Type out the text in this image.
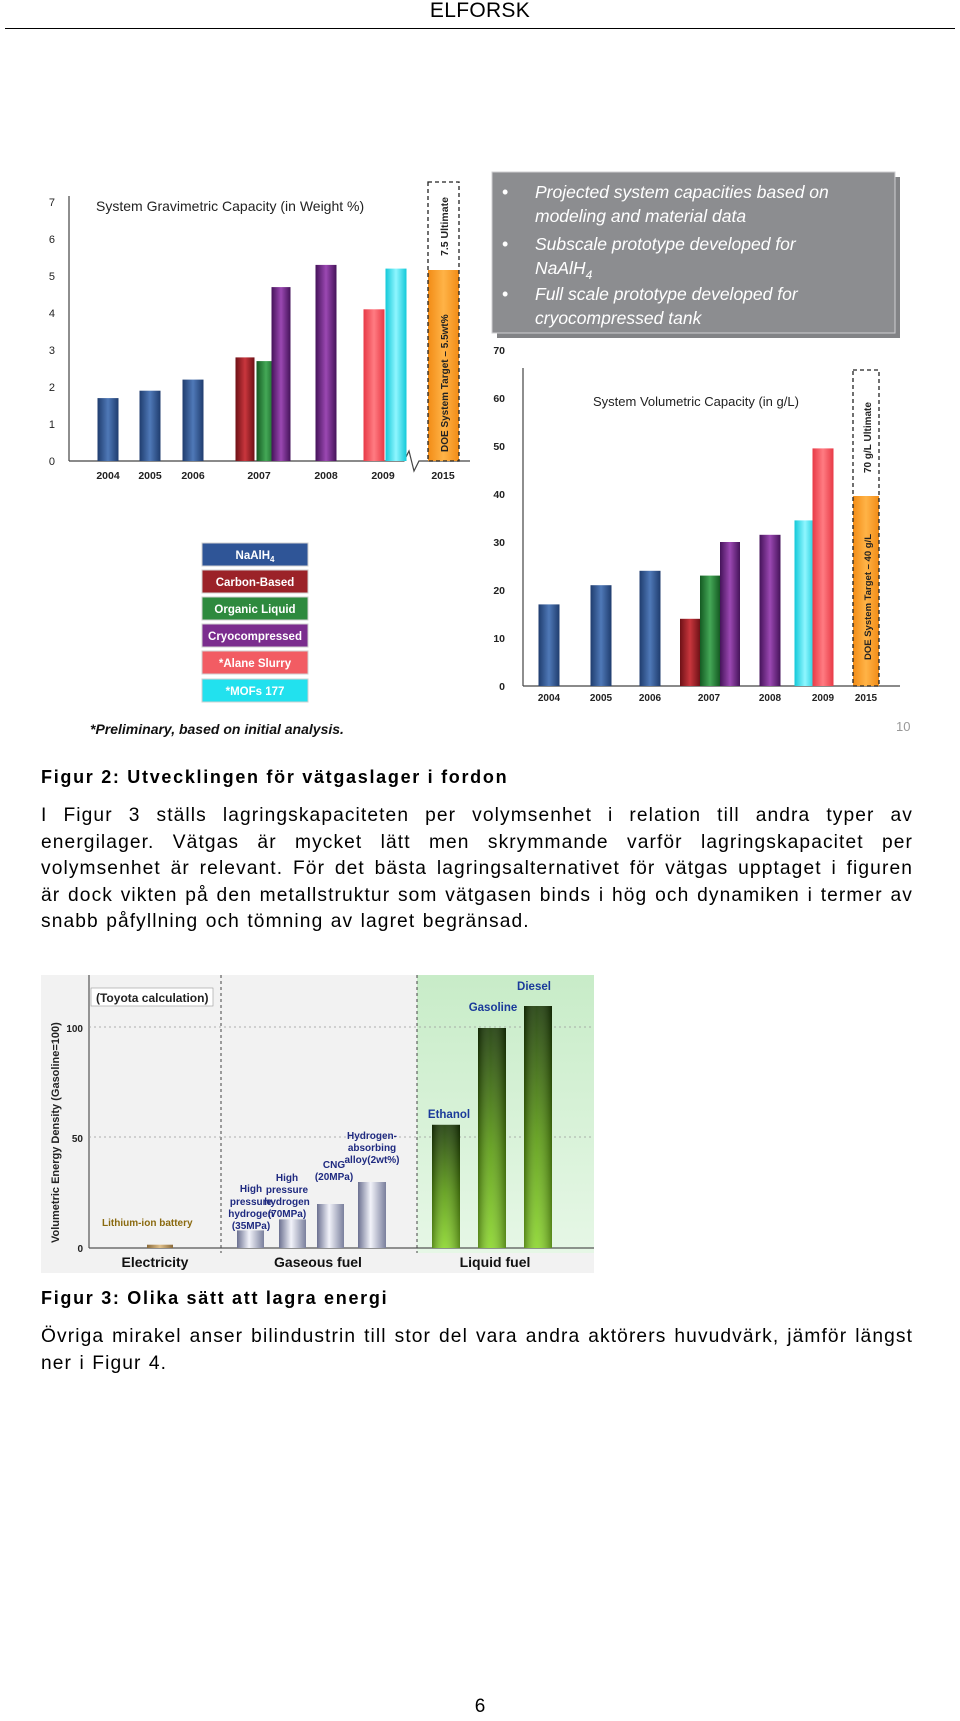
ELFORSK
System Gravimetric Capacity (in Weight %)
0
1
2
3
4
5
6
7
2004 2005 2006	2007	2008	2009	2015
7.5 Ultimate
DOE System Target – 5.5wt%
• Projected system capacities based on modeling and material data
• Subscale prototype developed for NaAlH$_4$
• Full scale prototype developed for cryocompressed tank
System Volumetric Capacity (in g/L)
0
10
20
30
40
50
60
70
2004	2005	2006	2007	2008	2009 2015
70 g/L Ultimate
DOE System Target – 40 g/L
NaAlH$_4$
Carbon-Based
Organic Liquid
Cryocompressed
*Alane Slurry
*MOFs 177
*Preliminary, based on initial analysis.	10
Figur 2: Utvecklingen för vätgaslager i fordon
I Figur 3 ställs lagringskapaciteten per volymsenhet i relation till andra typer av energilager. Vätgas är mycket lätt men skrymmande varför lagringskapacitet per volymsenhet är relevant. För det bästa lagringsalternativet för vätgas upptaget i figuren är dock vikten på den metallstruktur som vätgasen binds i hög och dynamiken i termer av snabb påfyllning och tömning av lagret begränsad.
(Toyota calculation)
Volumetric Energy Density (Gasoline=100)
0
50
100
Lithium-ion battery
High
pressure
hydrogen
(35MPa)
High
pressure
hydrogen
(70MPa)
CNG
(20MPa)
Hydrogen-
absorbing
alloy(2wt%)
Ethanol
Gasoline
Diesel
Electricity	Gaseous fuel	Liquid fuel
Figur 3: Olika sätt att lagra energi
Övriga mirakel anser bilindustrin till stor del vara andra aktörers huvudvärk, jämför längst ner i Figur 4.
6
